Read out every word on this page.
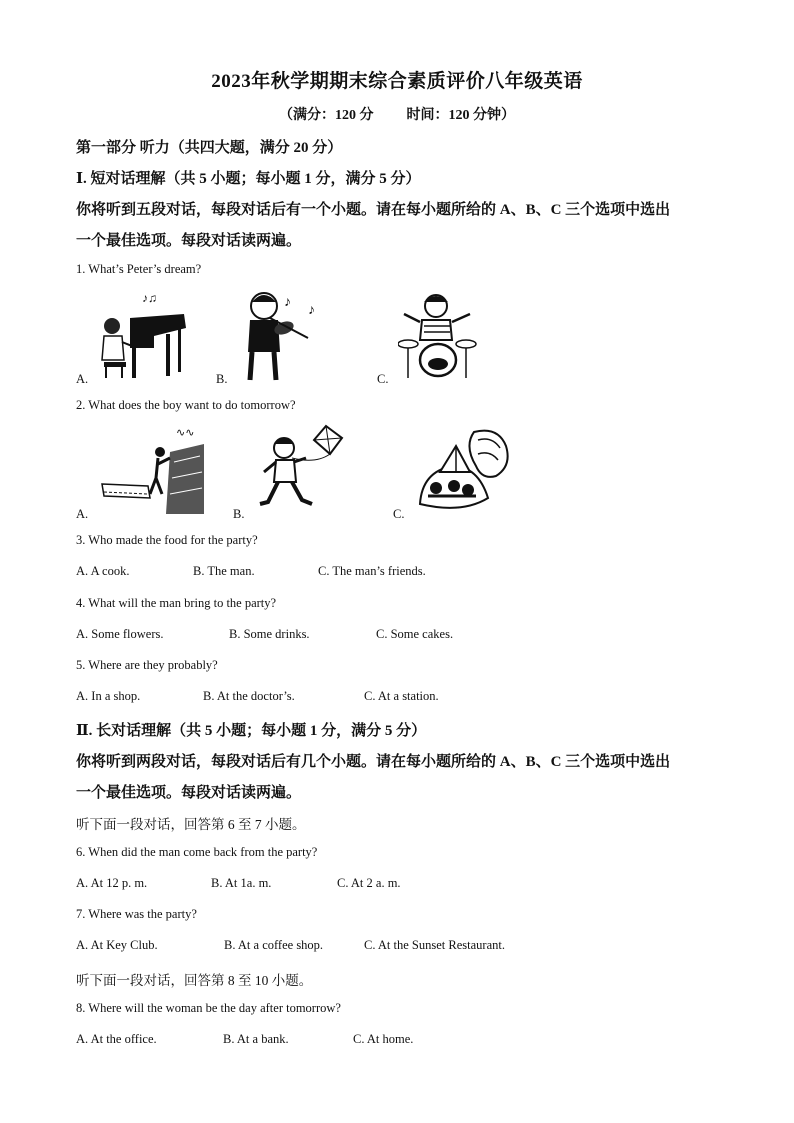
2023年秋学期期末综合素质评价八年级英语
（满分：120 分 时间：120 分钟）
第一部分 听力（共四大题，满分 20 分）
Ⅰ. 短对话理解（共 5 小题；每小题 1 分，满分 5 分）
你将听到五段对话，每段对话后有一个小题。请在每小题所给的 A、B、C 三个选项中选出
一个最佳选项。每段对话读两遍。
1. What’s Peter’s dream?
♪♫
A.
♪
♪
B.	C.
2. What does the boy want to do tomorrow?
∿∿
A.	B.	C.
3. Who made the food for the party?
A. A cook.	B. The man.	C. The man’s friends.
4. What will the man bring to the party?
A. Some flowers.	B. Some drinks.	C. Some cakes.
5. Where are they probably?
A. In a shop.	B. At the doctor’s.	C. At a station.
Ⅱ. 长对话理解（共 5 小题；每小题 1 分，满分 5 分）
你将听到两段对话，每段对话后有几个小题。请在每小题所给的 A、B、C 三个选项中选出
一个最佳选项。每段对话读两遍。
听下面一段对话，回答第 6 至 7 小题。
6. When did the man come back from the party?
A. At 12 p. m.	B. At 1a. m.	C. At 2 a. m.
7. Where was the party?
A. At Key Club.	B. At a coffee shop.	C. At the Sunset Restaurant.
听下面一段对话，回答第 8 至 10 小题。
8. Where will the woman be the day after tomorrow?
A. At the office.	B. At a bank.	C. At home.
